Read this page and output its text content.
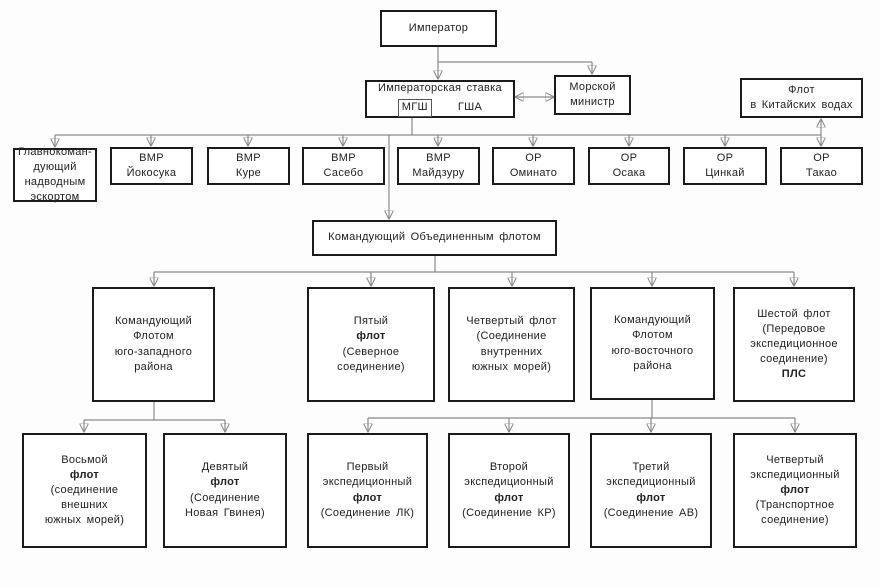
Император
Императорская ставка
МГШ	ГША
Морской
министр
Флот
в Китайских водах
Главнокоман-
дующий
надводным
эскортом
ВМР
Йокосука
ВМР
Куре
ВМР
Сасебо
ВМР
Майдзуру
ОР
Оминато
ОР
Осака
ОР
Цинкай
ОР
Такао
Командующий Объединенным флотом
Командующий
Флотом
юго-западного
района
Пятый
флот
(Северное
соединение)
Четвертый флот
(Соединение
внутренних
южных морей)
Командующий
Флотом
юго-восточного
района
Шестой флот
(Передовое
экспедиционное
соединение)
ПЛС
Восьмой
флот
(соединение
внешних
южных морей)
Девятый
флот
(Соединение
Новая Гвинея)
Первый
экспедиционный
флот
(Соединение ЛК)
Второй
экспедиционный
флот
(Соединение КР)
Третий
экспедиционный
флот
(Соединение АВ)
Четвертый
экспедиционный
флот
(Транспортное
соединение)
